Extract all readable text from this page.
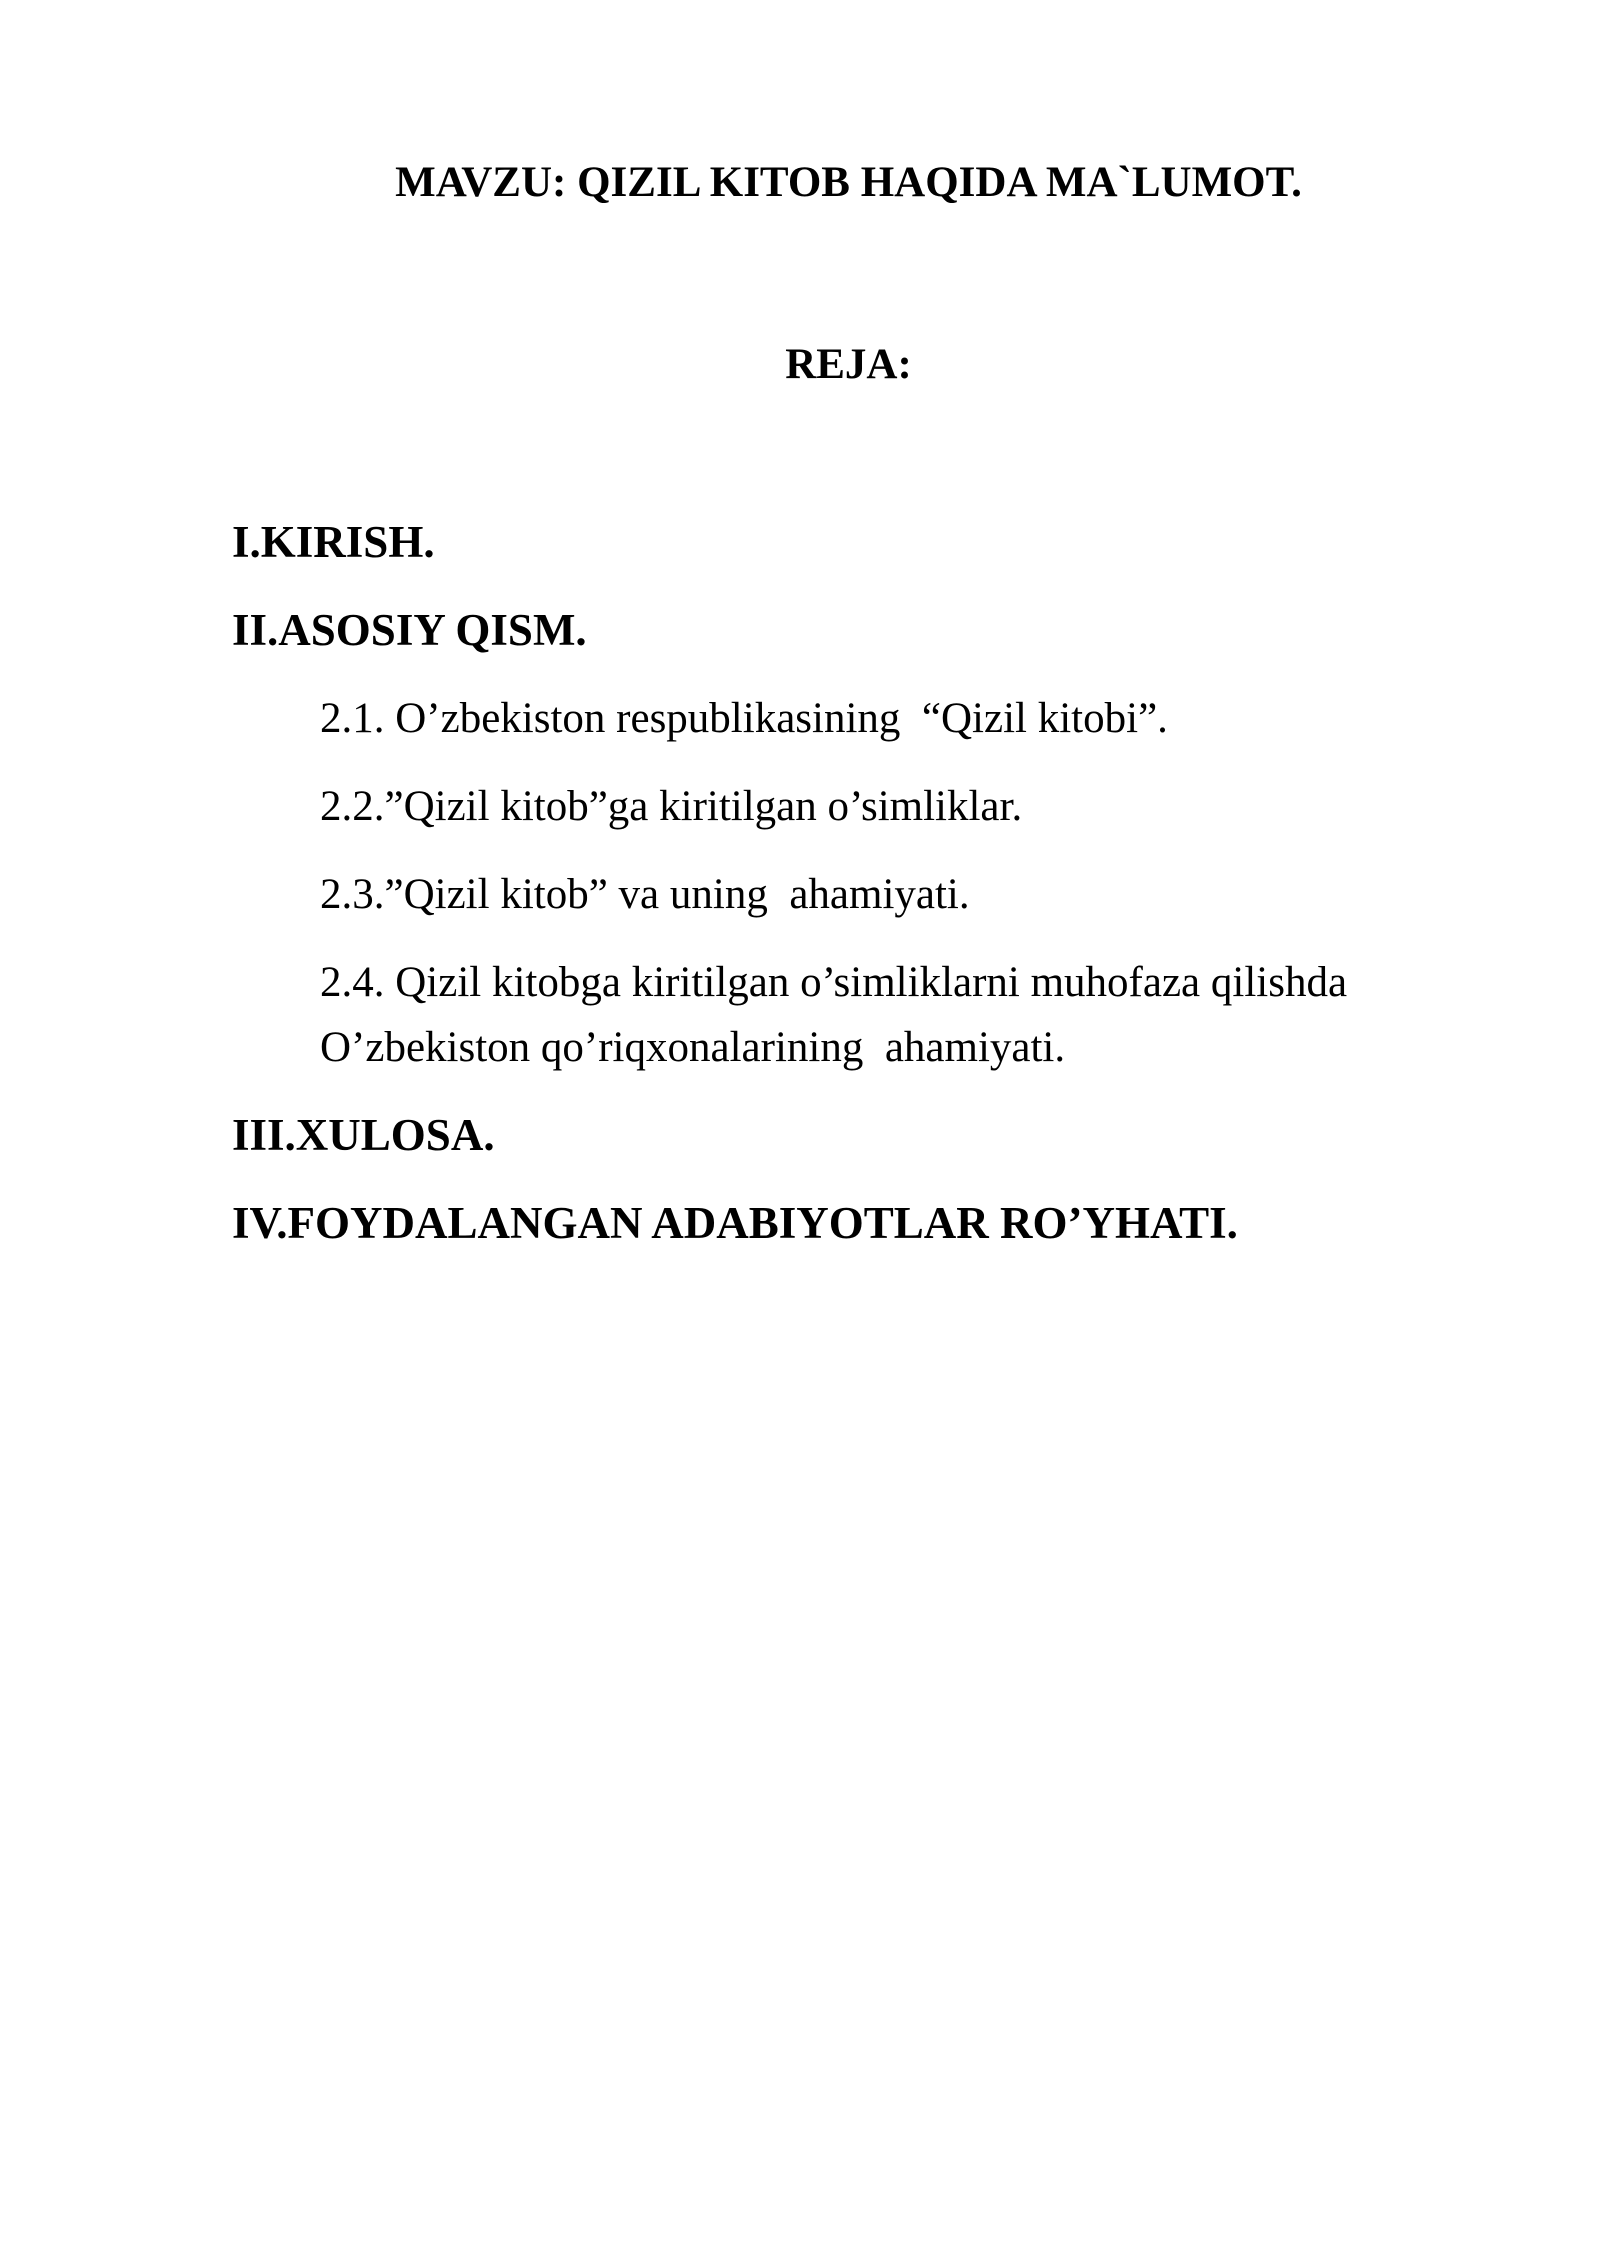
MAVZU: QIZIL KITOB HAQIDA MA`LUMOT.

REJA:

I.KIRISH.

II.ASOSIY QISM.

2.1. O’zbekiston respublikasining  “Qizil kitobi”.

2.2.”Qizil kitob”ga kiritilgan o’simliklar.

2.3.”Qizil kitob” va uning  ahamiyati.

2.4. Qizil kitobga kiritilgan o’simliklarni muhofaza qilishda O’zbekiston qo’riqxonalarining  ahamiyati.

III.XULOSA.

IV.FOYDALANGAN ADABIYOTLAR RO’YHATI.
